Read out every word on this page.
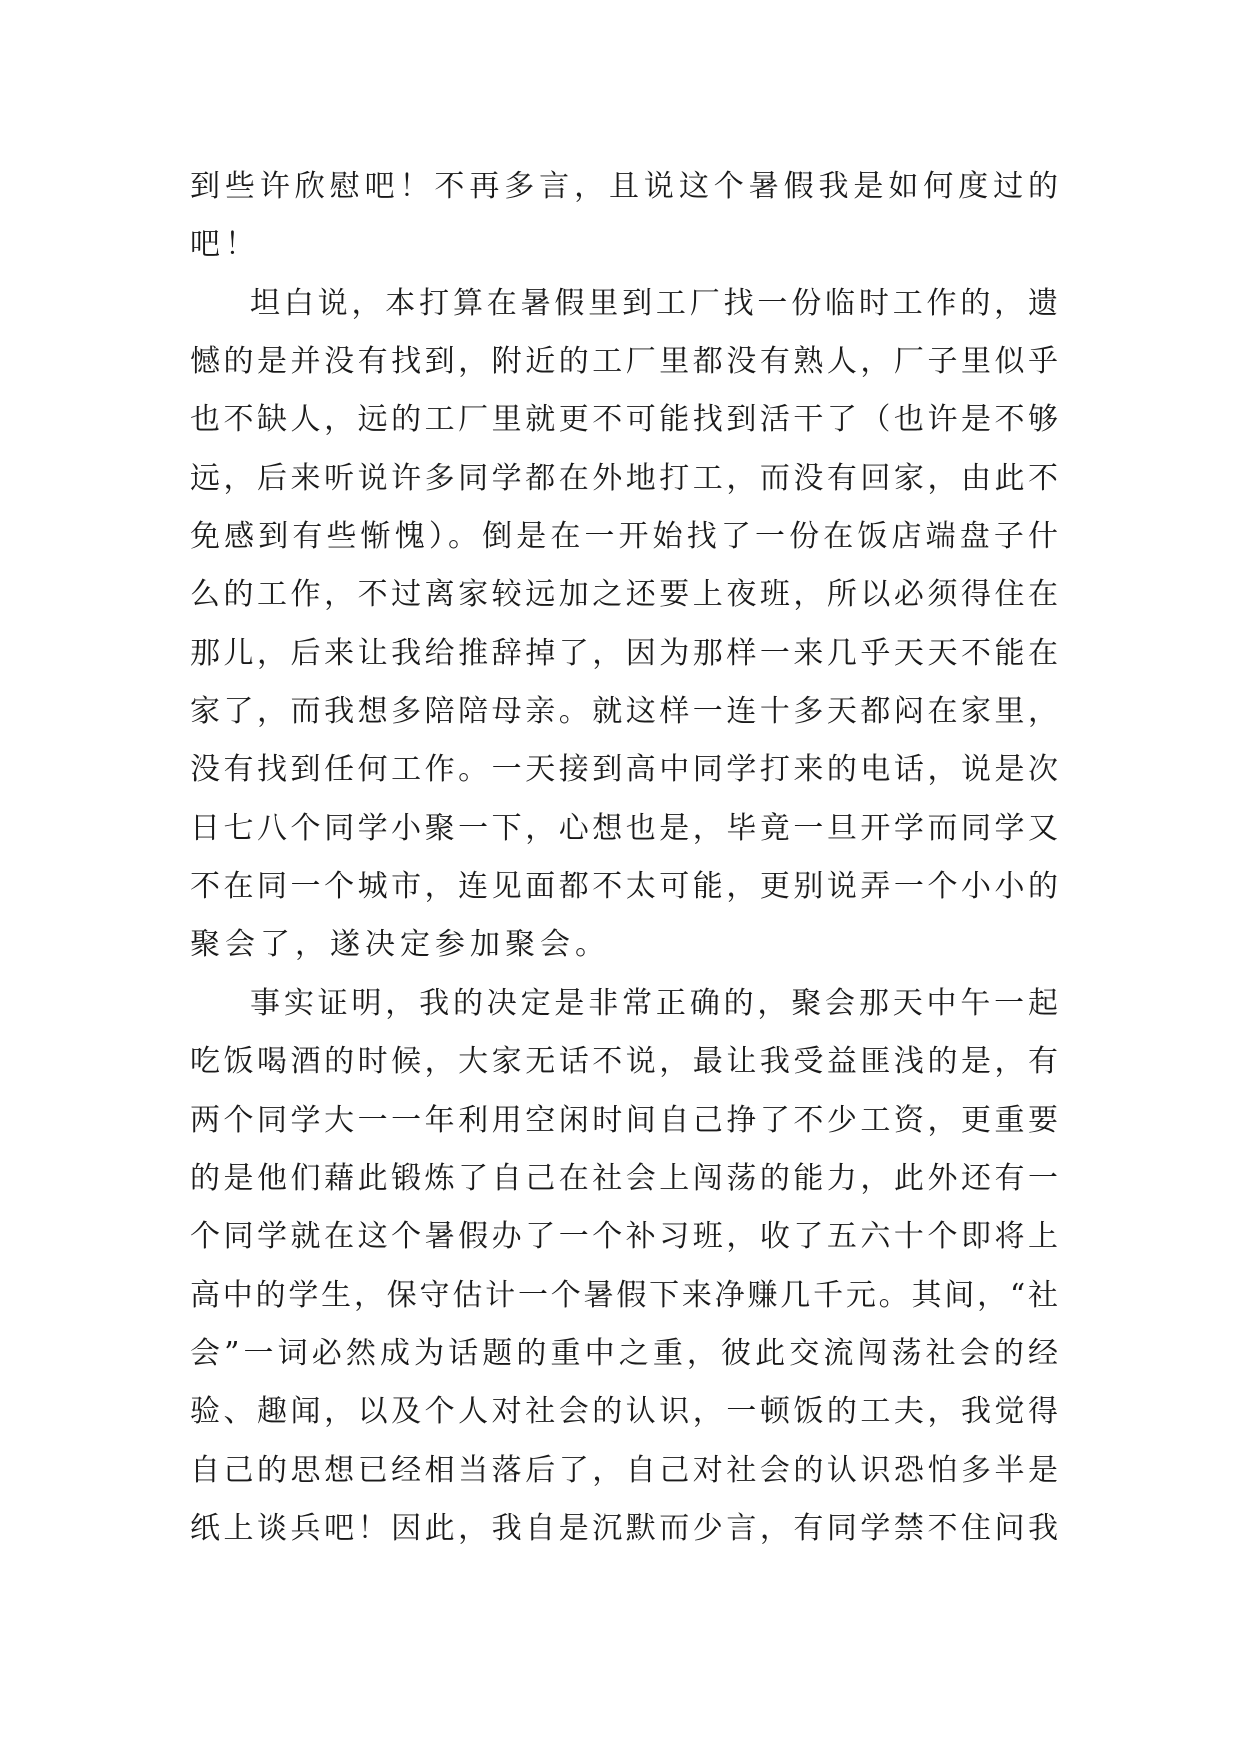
到些许欣慰吧！不再多言，且说这个暑假我是如何度过的
吧！
坦白说，本打算在暑假里到工厂找一份临时工作的，遗
憾的是并没有找到，附近的工厂里都没有熟人，厂子里似乎
也不缺人，远的工厂里就更不可能找到活干了（也许是不够
远，后来听说许多同学都在外地打工，而没有回家，由此不
免感到有些惭愧）。倒是在一开始找了一份在饭店端盘子什
么的工作，不过离家较远加之还要上夜班，所以必须得住在
那儿，后来让我给推辞掉了，因为那样一来几乎天天不能在
家了，而我想多陪陪母亲。就这样一连十多天都闷在家里，
没有找到任何工作。一天接到高中同学打来的电话，说是次
日七八个同学小聚一下，心想也是，毕竟一旦开学而同学又
不在同一个城市，连见面都不太可能，更别说弄一个小小的
聚会了，遂决定参加聚会。
事实证明，我的决定是非常正确的，聚会那天中午一起
吃饭喝酒的时候，大家无话不说，最让我受益匪浅的是，有
两个同学大一一年利用空闲时间自己挣了不少工资，更重要
的是他们藉此锻炼了自己在社会上闯荡的能力，此外还有一
个同学就在这个暑假办了一个补习班，收了五六十个即将上
高中的学生，保守估计一个暑假下来净赚几千元。其间，“社
会”一词必然成为话题的重中之重，彼此交流闯荡社会的经
验、趣闻，以及个人对社会的认识，一顿饭的工夫，我觉得
自己的思想已经相当落后了，自己对社会的认识恐怕多半是
纸上谈兵吧！因此，我自是沉默而少言，有同学禁不住问我
